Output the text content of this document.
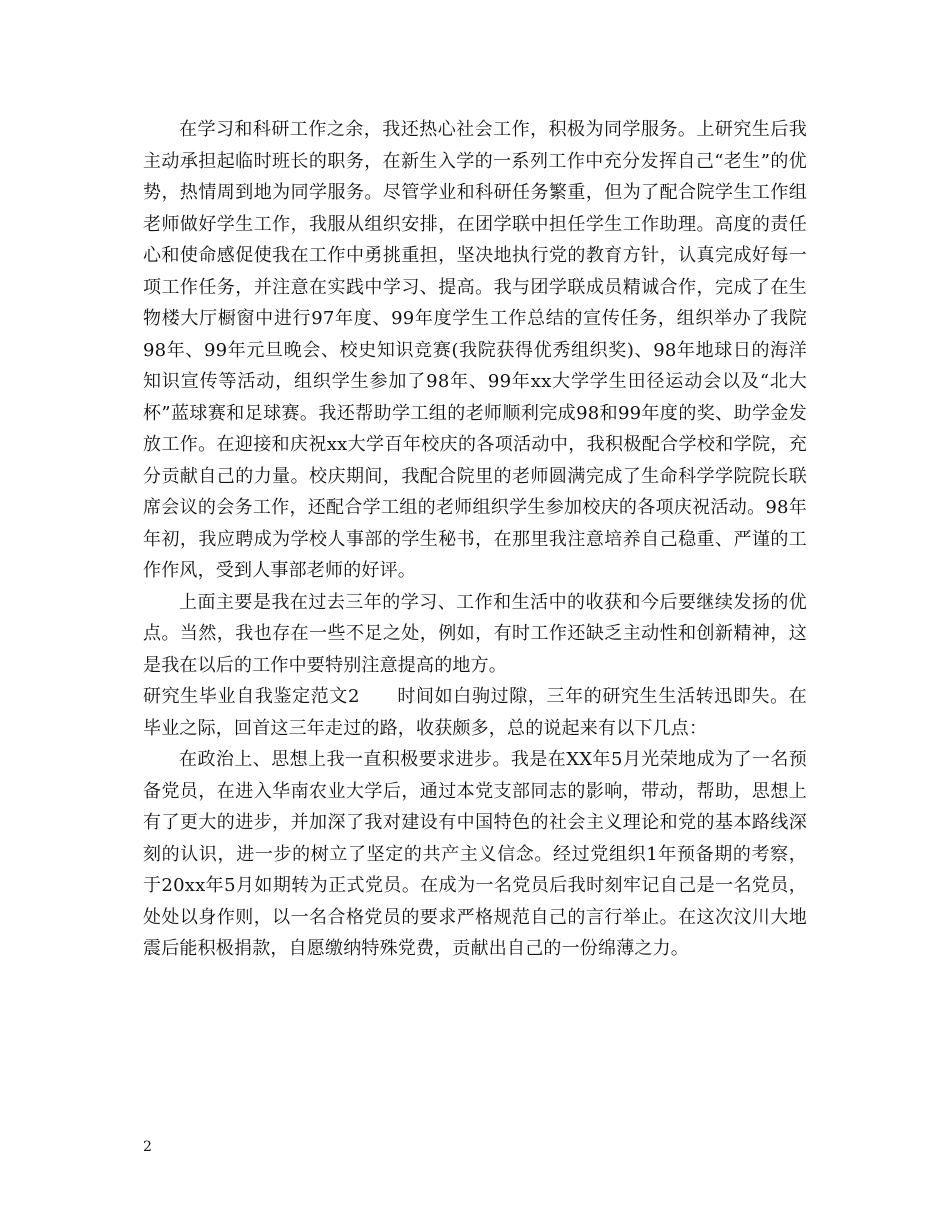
在学习和科研工作之余，我还热心社会工作，积极为同学服务。上研究生后我主动承担起临时班长的职务，在新生入学的一系列工作中充分发挥自己“老生”的优势，热情周到地为同学服务。尽管学业和科研任务繁重，但为了配合院学生工作组老师做好学生工作，我服从组织安排，在团学联中担任学生工作助理。高度的责任心和使命感促使我在工作中勇挑重担，坚决地执行党的教育方针，认真完成好每一项工作任务，并注意在实践中学习、提高。我与团学联成员精诚合作，完成了在生物楼大厅橱窗中进行97年度、99年度学生工作总结的宣传任务，组织举办了我院98年、99年元旦晚会、校史知识竞赛(我院获得优秀组织奖)、98年地球日的海洋知识宣传等活动，组织学生参加了98年、99年xx大学学生田径运动会以及“北大杯”蓝球赛和足球赛。我还帮助学工组的老师顺利完成98和99年度的奖、助学金发放工作。在迎接和庆祝xx大学百年校庆的各项活动中，我积极配合学校和学院，充分贡献自己的力量。校庆期间，我配合院里的老师圆满完成了生命科学学院院长联席会议的会务工作，还配合学工组的老师组织学生参加校庆的各项庆祝活动。98年年初，我应聘成为学校人事部的学生秘书，在那里我注意培养自己稳重、严谨的工作作风，受到人事部老师的好评。

上面主要是我在过去三年的学习、工作和生活中的收获和今后要继续发扬的优点。当然，我也存在一些不足之处，例如，有时工作还缺乏主动性和创新精神，这是我在以后的工作中要特别注意提高的地方。

研究生毕业自我鉴定范文2　　时间如白驹过隙，三年的研究生生活转迅即失。在毕业之际，回首这三年走过的路，收获颇多，总的说起来有以下几点：

在政治上、思想上我一直积极要求进步。我是在XX年5月光荣地成为了一名预备党员，在进入华南农业大学后，通过本党支部同志的影响，带动，帮助，思想上有了更大的进步，并加深了我对建设有中国特色的社会主义理论和党的基本路线深刻的认识，进一步的树立了坚定的共产主义信念。经过党组织1年预备期的考察，于20xx年5月如期转为正式党员。在成为一名党员后我时刻牢记自己是一名党员，处处以身作则，以一名合格党员的要求严格规范自己的言行举止。在这次汶川大地震后能积极捐款，自愿缴纳特殊党费，贡献出自己的一份绵薄之力。

2
